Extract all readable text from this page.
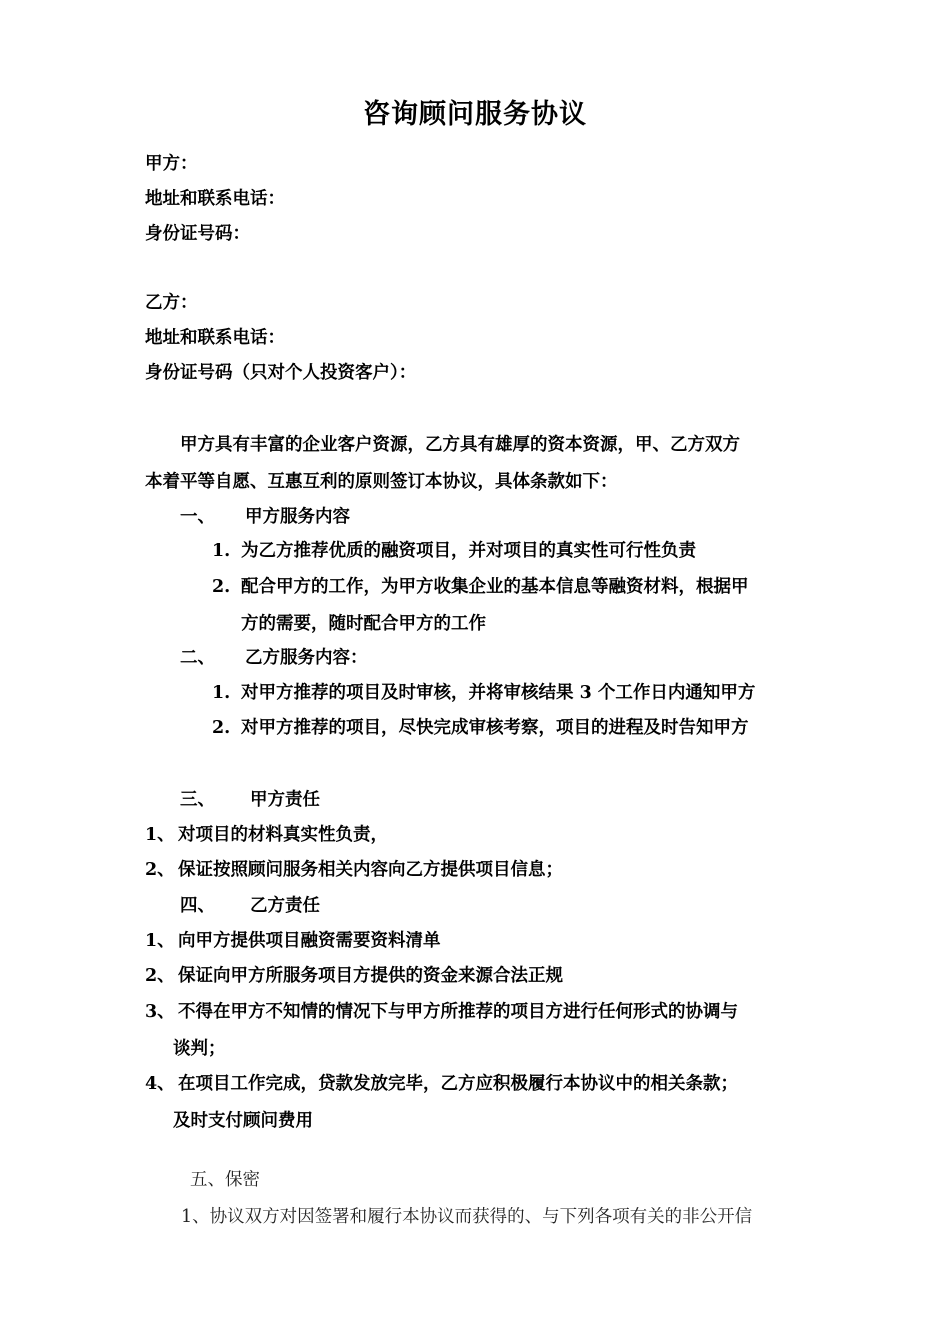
咨询顾问服务协议
甲方：
地址和联系电话：
身份证号码：
乙方：
地址和联系电话：
身份证号码（只对个人投资客户）：
甲方具有丰富的企业客户资源，乙方具有雄厚的资本资源，甲、乙方双方
本着平等自愿、互惠互利的原则签订本协议，具体条款如下：
一、 甲方服务内容
1. 为乙方推荐优质的融资项目，并对项目的真实性可行性负责
2. 配合甲方的工作，为甲方收集企业的基本信息等融资材料，根据甲
方的需要，随时配合甲方的工作
二、 乙方服务内容：
1. 对甲方推荐的项目及时审核，并将审核结果 3 个工作日内通知甲方
2. 对甲方推荐的项目，尽快完成审核考察，项目的进程及时告知甲方
三、 甲方责任
1、 对项目的材料真实性负责，
2、 保证按照顾问服务相关内容向乙方提供项目信息；
四、 乙方责任
1、 向甲方提供项目融资需要资料清单
2、 保证向甲方所服务项目方提供的资金来源合法正规
3、 不得在甲方不知情的情况下与甲方所推荐的项目方进行任何形式的协调与
谈判；
4、 在项目工作完成，贷款发放完毕，乙方应积极履行本协议中的相关条款；
及时支付顾问费用
五、保密
1、协议双方对因签署和履行本协议而获得的、与下列各项有关的非公开信
